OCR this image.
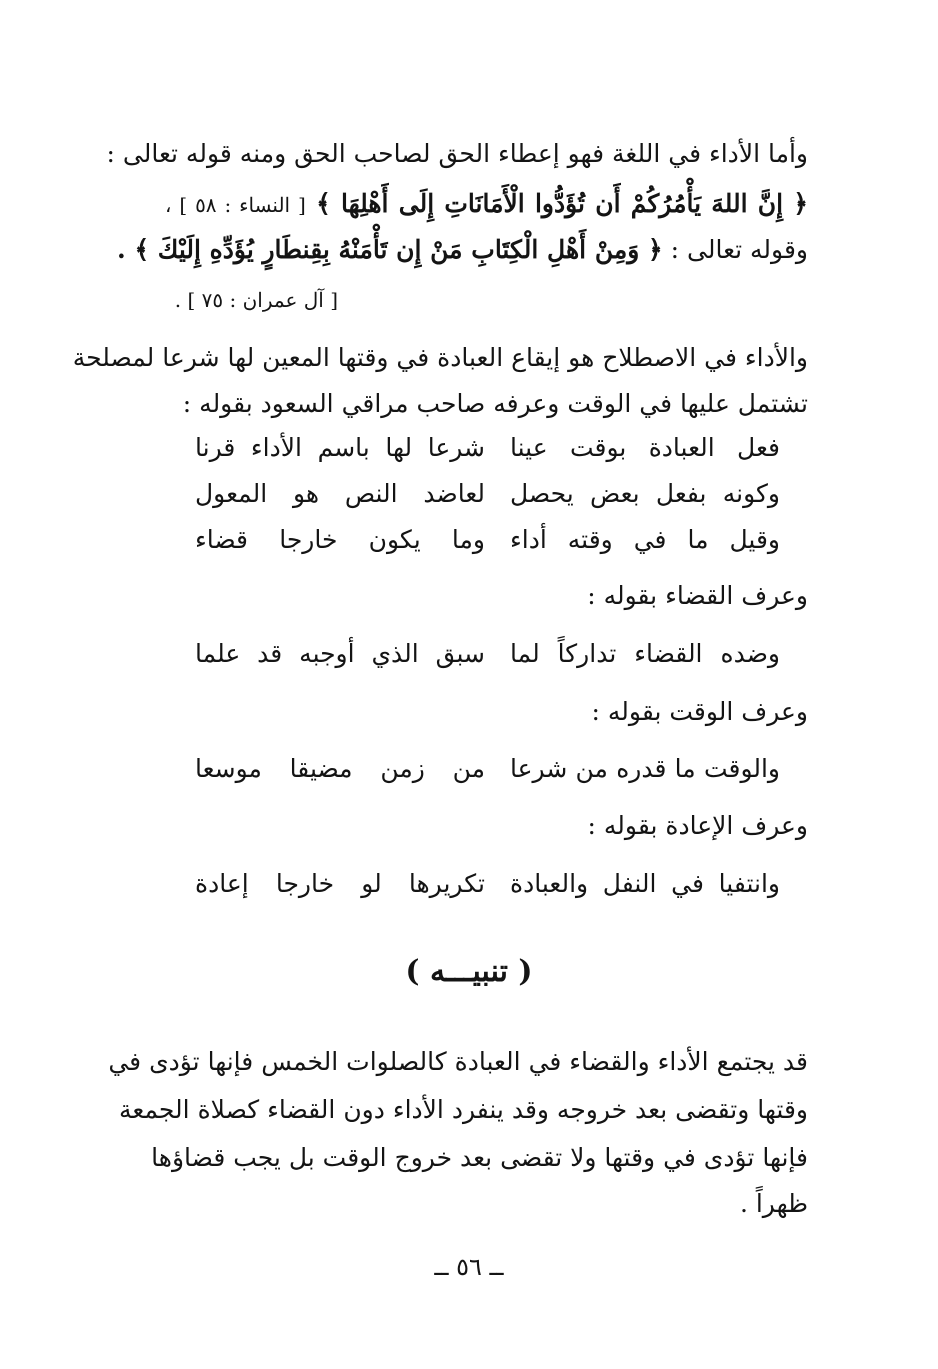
وأما الأداء في اللغة فهو إعطاء الحق لصاحب الحق ومنه قوله تعالى :
﴿ إِنَّ اللهَ يَأْمُرُكُمْ أَن تُؤَدُّوا الْأَمَانَاتِ إِلَى أَهْلِهَا ﴾ [ النساء : ٥٨ ] ،
وقوله تعالى : ﴿ وَمِنْ أَهْلِ الْكِتَابِ مَنْ إِن تَأْمَنْهُ بِقِنطَارٍ يُؤَدِّهِ إِلَيْكَ ﴾ .
[ آل عمران : ٧٥ ] .
والأداء في الاصطلاح هو إيقاع العبادة في وقتها المعين لها شرعا لمصلحة
تشتمل عليها في الوقت وعرفه صاحب مراقي السعود بقوله :
فعل العبادة بوقت عينا
شرعا لها باسم الأداء قرنا
وكونه بفعل بعض يحصل
لعاضد النص هو المعول
وقيل ما في وقته أداء
وما يكون خارجا قضاء
وعرف القضاء بقوله :
وضده القضاء تداركاً لما
سبق الذي أوجبه قد علما
وعرف الوقت بقوله :
والوقت ما قدره من شرعا
من زمن مضيقا موسعا
وعرف الإعادة بقوله :
وانتفيا في النفل والعبادة
تكريرها لو خارجا إعادة
( تنبيـــه )
قد يجتمع الأداء والقضاء في العبادة كالصلوات الخمس فإنها تؤدى في
وقتها وتقضى بعد خروجه وقد ينفرد الأداء دون القضاء كصلاة الجمعة
فإنها تؤدى في وقتها ولا تقضى بعد خروج الوقت بل يجب قضاؤها
ظهراً .
ــ ٥٦ ــ
